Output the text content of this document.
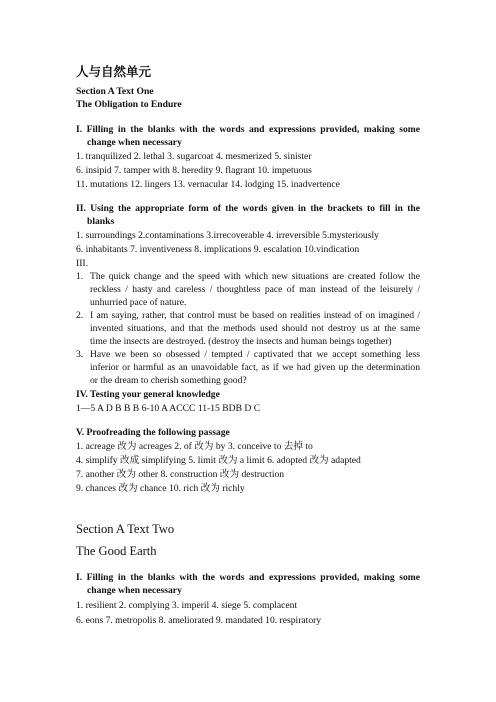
人与自然单元
Section A Text One
The Obligation to Endure
I. Filling in the blanks with the words and expressions provided, making some
change when necessary
1. tranquilized 2. lethal 3. sugarcoat 4. mesmerized 5. sinister
6. insipid 7. tamper with 8. heredity 9. flagrant 10. impetuous
11. mutations 12. lingers 13. vernacular 14. lodging 15. inadvertence
II. Using the appropriate form of the words given in the brackets to fill in the
blanks
1. surroundings 2.contaminations 3.irrecoverable 4. irreversible 5.mysteriously
6. inhabitants 7. inventiveness 8. implications 9. escalation 10.vindication
III.
1. The quick change and the speed with which new situations are created follow the
reckless / hasty and careless / thoughtless pace of man instead of the leisurely /
unhurried pace of nature.
2. I am saying, rather, that control must be based on realities instead of on imagined /
invented situations, and that the methods used should not destroy us at the same
time the insects are destroyed. (destroy the insects and human beings together)
3. Have we been so obsessed / tempted / captivated that we accept something less
inferior or harmful as an unavoidable fact, as if we had given up the determination
or the dream to cherish something good?
IV. Testing your general knowledge
1—5 A D B B B 6-10 A ACCC 11-15 BDB D C
V. Proofreading the following passage
1. acreage 改为 acreages 2. of 改为 by 3. conceive to 去掉 to
4. simplify 改成 simplifying 5. limit 改为 a limit 6. adopted 改为 adapted
7. another 改为 other 8. construction 改为 destruction
9. chances 改为 chance 10. rich 改为 richly
Section A Text Two
The Good Earth
I. Filling in the blanks with the words and expressions provided, making some
change when necessary
1. resilient 2. complying 3. imperil 4. siege 5. complacent
6. eons 7. metropolis 8. ameliorated 9. mandated 10. respiratory
